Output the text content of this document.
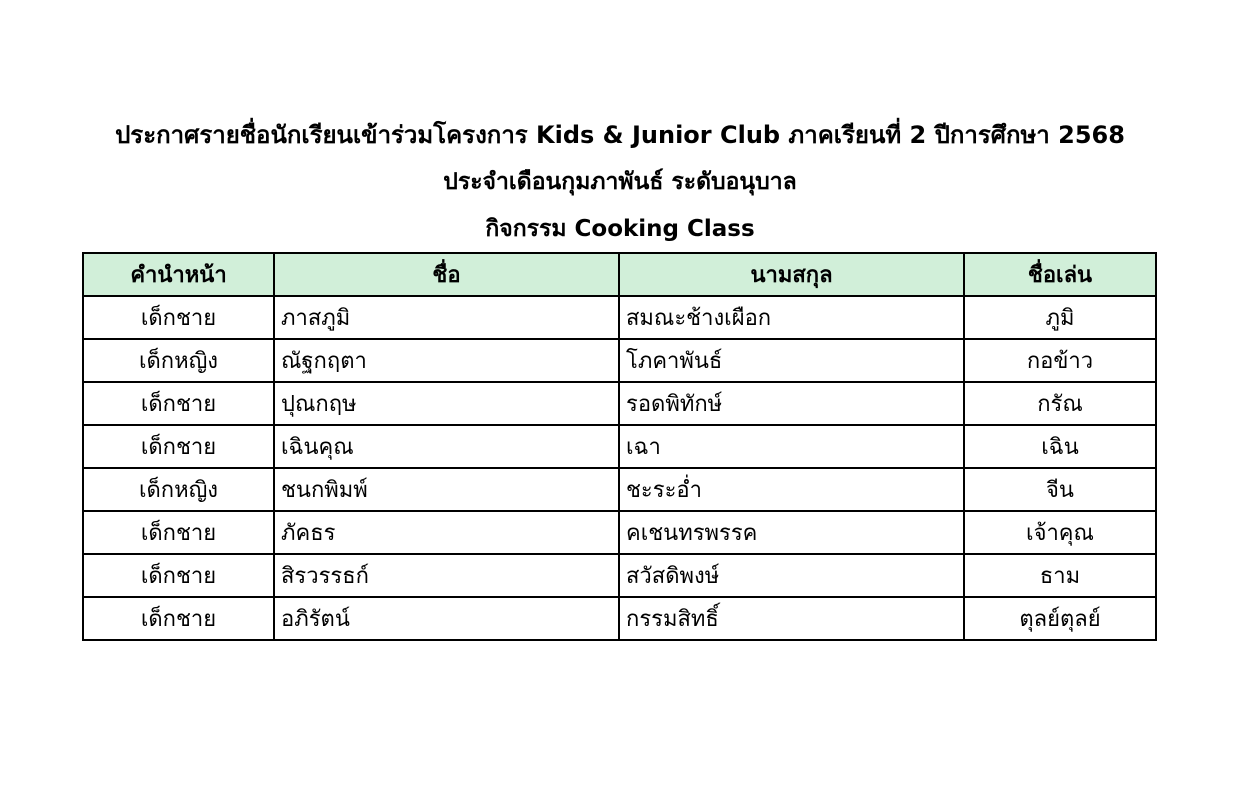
ประกาศรายชื่อนักเรียนเข้าร่วมโครงการ Kids & Junior Club ภาคเรียนที่ 2 ปีการศึกษา 2568
ประจำเดือนกุมภาพันธ์ ระดับอนุบาล
กิจกรรม Cooking Class
คำนำหน้า	ชื่อ	นามสกุล	ชื่อเล่น
เด็กชาย	ภาสภูมิ	สมณะช้างเผือก	ภูมิ
เด็กหญิง	ณัฐกฤตา	โภคาพันธ์	กอข้าว
เด็กชาย	ปุณกฤษ	รอดพิทักษ์	กรัณ
เด็กชาย	เฉินคุณ	เฉา	เฉิน
เด็กหญิง	ชนกพิมพ์	ชะระอ่ำ	จีน
เด็กชาย	ภัคธร	คเชนทรพรรค	เจ้าคุณ
เด็กชาย	สิรวรรธก์	สวัสดิพงษ์	ธาม
เด็กชาย	อภิรัตน์	กรรมสิทธิ์	ตุลย์ตุลย์
